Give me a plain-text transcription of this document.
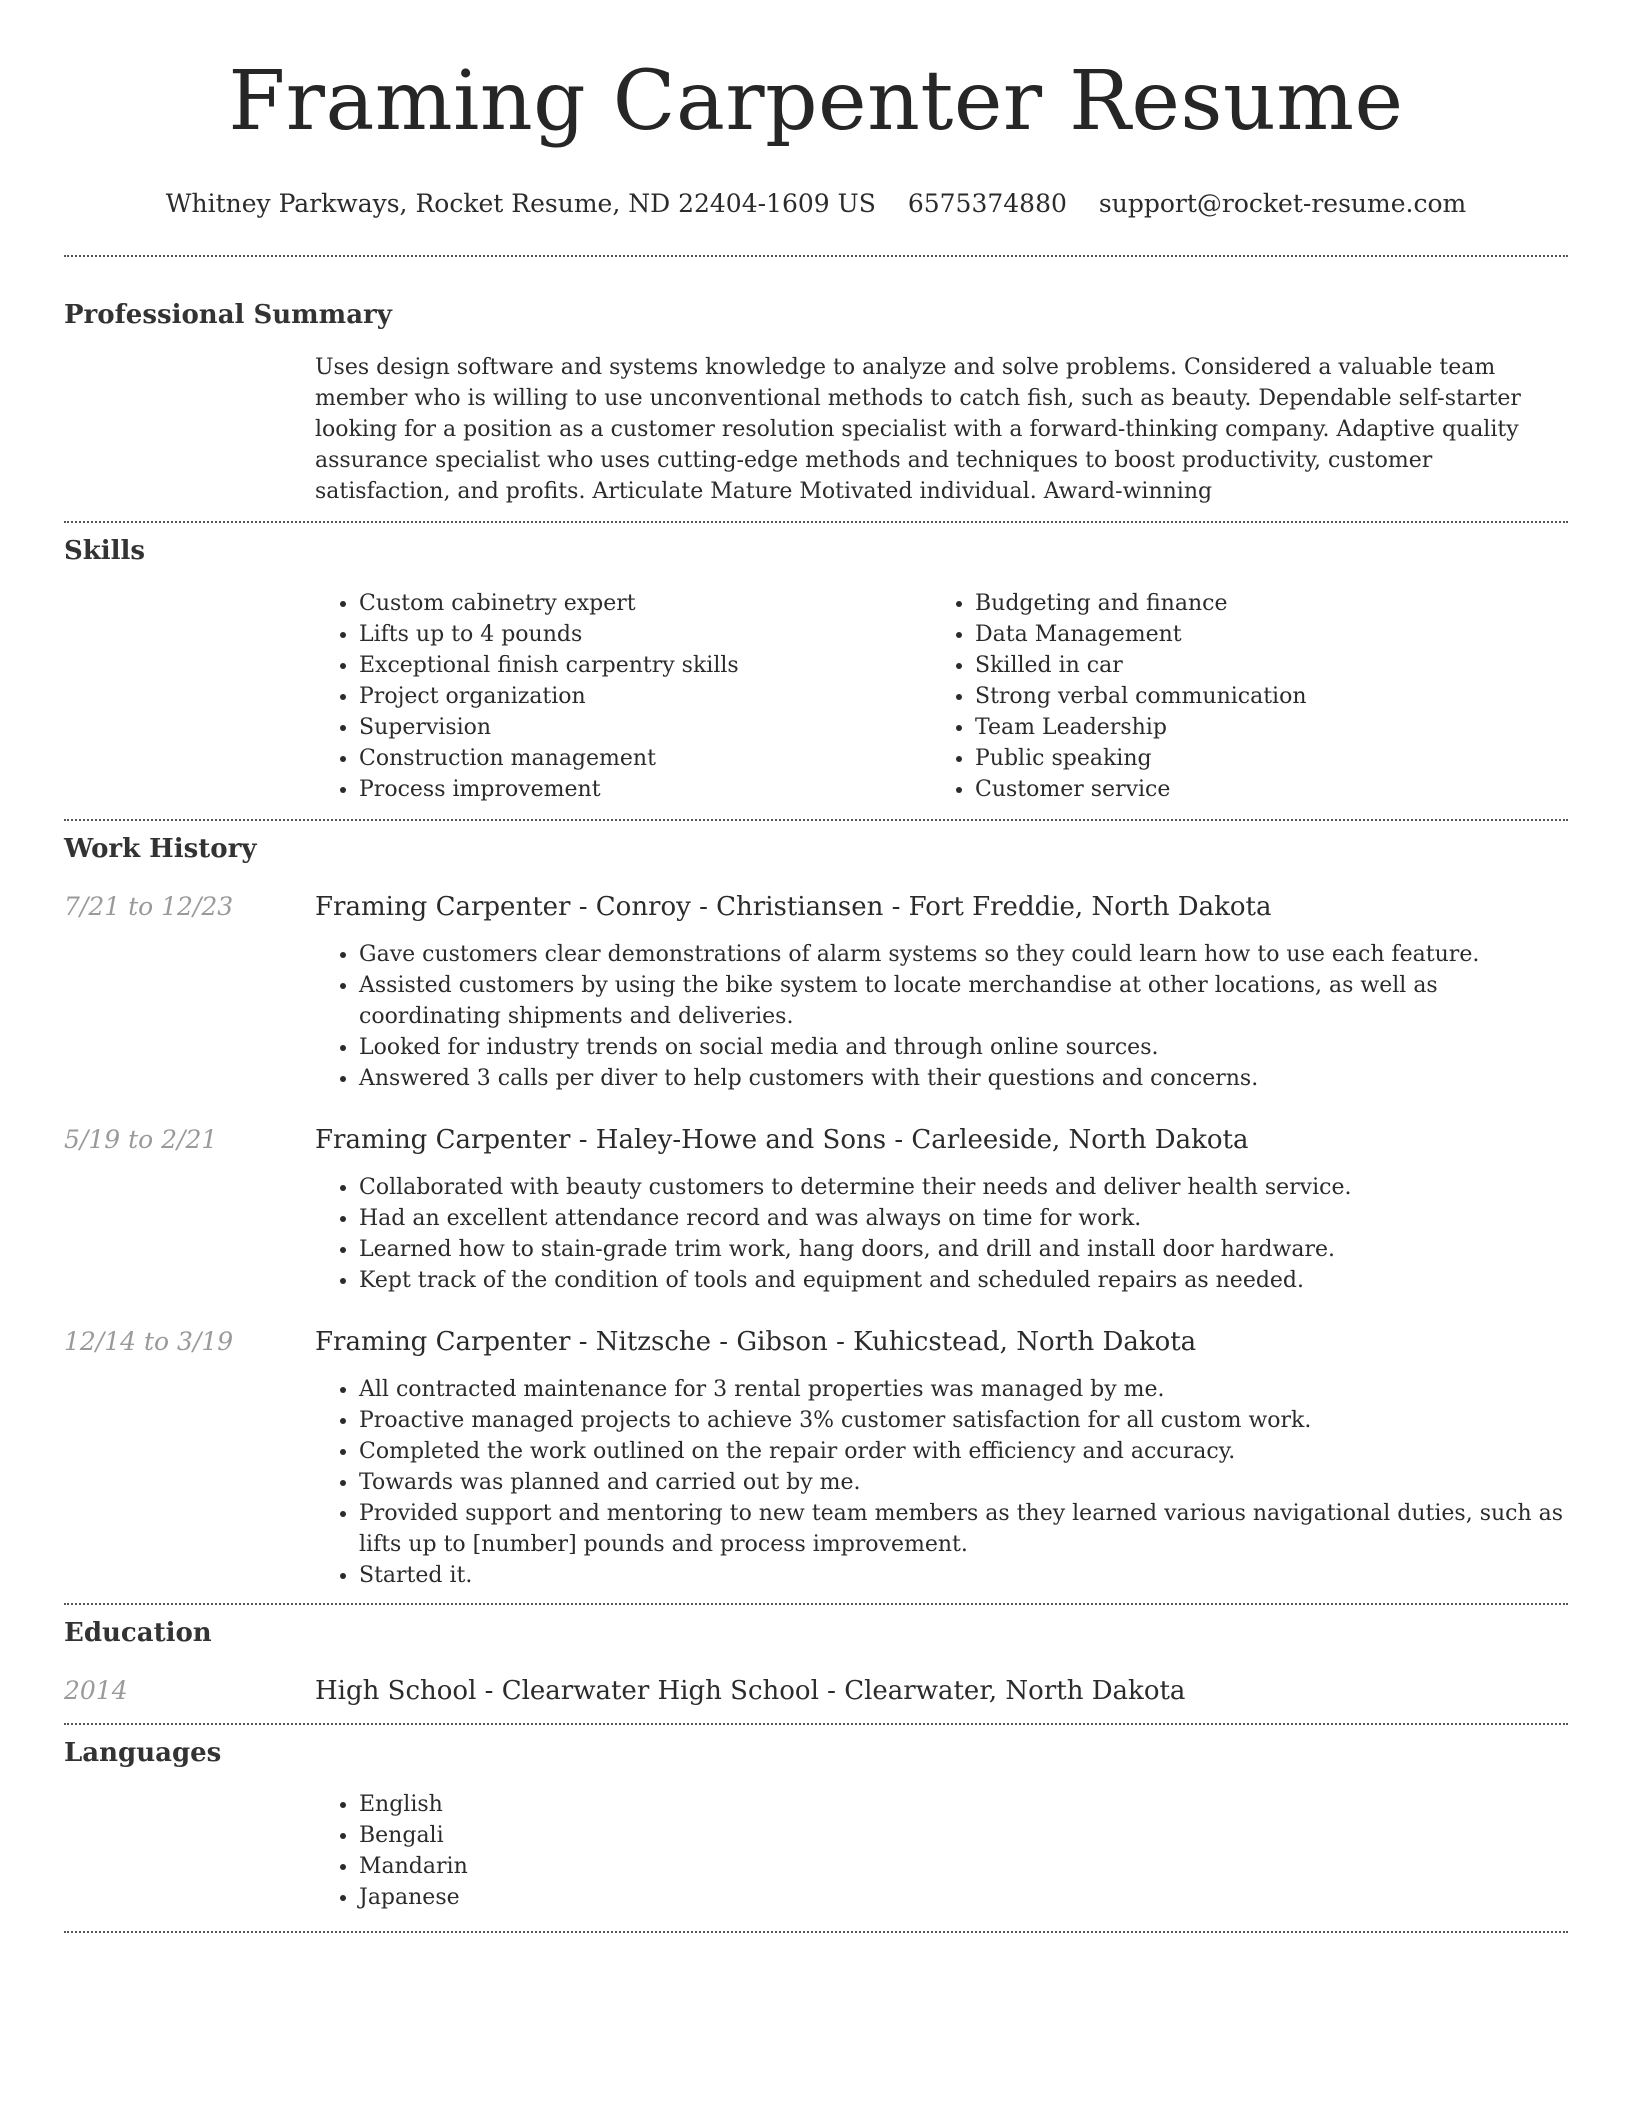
Framing Carpenter Resume
Whitney Parkways, Rocket Resume, ND 22404-1609 US 6575374880 support@rocket-resume.com
Professional Summary

Uses design software and systems knowledge to analyze and solve problems. Considered a valuable team member who is willing to use unconventional methods to catch fish, such as beauty. Dependable self-starter looking for a position as a customer resolution specialist with a forward-thinking company. Adaptive quality assurance specialist who uses cutting-edge methods and techniques to boost productivity, customer satisfaction, and profits. Articulate Mature Motivated individual. Award-winning

Skills
• Custom cabinetry expert
• Lifts up to 4 pounds
• Exceptional finish carpentry skills
• Project organization
• Supervision
• Construction management
• Process improvement
• Budgeting and finance
• Data Management
• Skilled in car
• Strong verbal communication
• Team Leadership
• Public speaking
• Customer service
Work History
7/21 to 12/23	Framing Carpenter - Conroy - Christiansen - Fort Freddie, North Dakota
• Gave customers clear demonstrations of alarm systems so they could learn how to use each feature.
• Assisted customers by using the bike system to locate merchandise at other locations, as well as coordinating shipments and deliveries.
• Looked for industry trends on social media and through online sources.
• Answered 3 calls per diver to help customers with their questions and concerns.
5/19 to 2/21	Framing Carpenter - Haley-Howe and Sons - Carleeside, North Dakota
• Collaborated with beauty customers to determine their needs and deliver health service.
• Had an excellent attendance record and was always on time for work.
• Learned how to stain-grade trim work, hang doors, and drill and install door hardware.
• Kept track of the condition of tools and equipment and scheduled repairs as needed.
12/14 to 3/19	Framing Carpenter - Nitzsche - Gibson - Kuhicstead, North Dakota
• All contracted maintenance for 3 rental properties was managed by me.
• Proactive managed projects to achieve 3% customer satisfaction for all custom work.
• Completed the work outlined on the repair order with efficiency and accuracy.
• Towards was planned and carried out by me.
• Provided support and mentoring to new team members as they learned various navigational duties, such as lifts up to [number] pounds and process improvement.
• Started it.
Education
2014	High School - Clearwater High School - Clearwater, North Dakota
Languages
• English
• Bengali
• Mandarin
• Japanese
